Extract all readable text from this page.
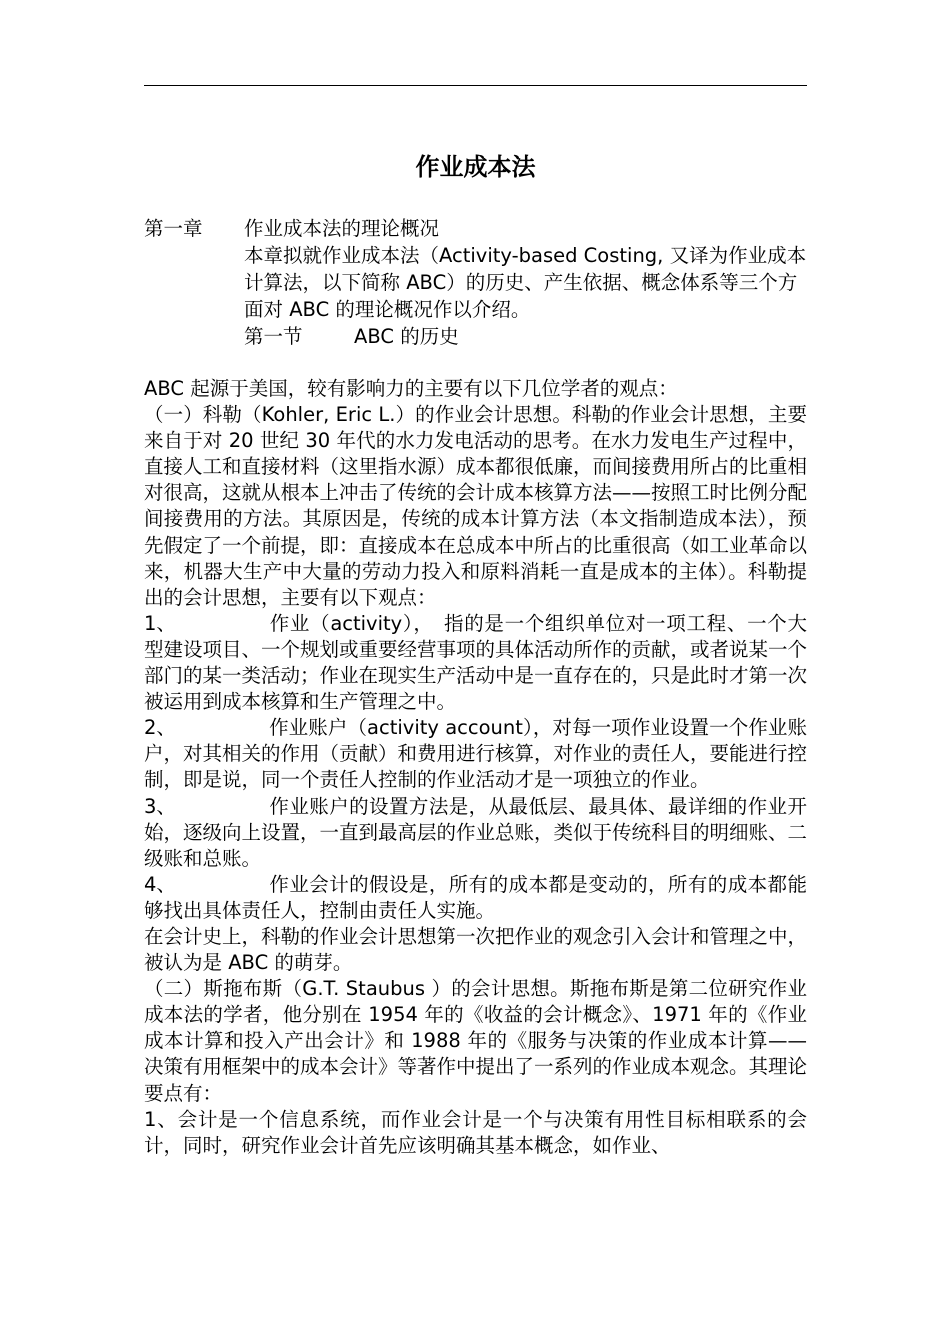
作业成本法
第一章 作业成本法的理论概况
本章拟就作业成本法（Activity-based Costing, 又译为作业成本计算法，以下简称 ABC）的历史、产生依据、概念体系等三个方面对 ABC 的理论概况作以介绍。
第一节	ABC 的历史

ABC 起源于美国，较有影响力的主要有以下几位学者的观点：

（一）科勒（Kohler, Eric L.）的作业会计思想。科勒的作业会计思想，主要来自于对 20 世纪 30 年代的水力发电活动的思考。在水力发电生产过程中，直接人工和直接材料（这里指水源）成本都很低廉，而间接费用所占的比重相对很高，这就从根本上冲击了传统的会计成本核算方法——按照工时比例分配间接费用的方法。其原因是，传统的成本计算方法（本文指制造成本法），预先假定了一个前提，即：直接成本在总成本中所占的比重很高（如工业革命以来，机器大生产中大量的劳动力投入和原料消耗一直是成本的主体）。科勒提出的会计思想，主要有以下观点：

1、	作业（activity），　指的是一个组织单位对一项工程、一个大型建设项目、一个规划或重要经营事项的具体活动所作的贡献，或者说某一个部门的某一类活动；作业在现实生产活动中是一直存在的，只是此时才第一次被运用到成本核算和生产管理之中。

2、	作业账户（activity account），对每一项作业设置一个作业账户，对其相关的作用（贡献）和费用进行核算，对作业的责任人，要能进行控制，即是说，同一个责任人控制的作业活动才是一项独立的作业。

3、	作业账户的设置方法是，从最低层、最具体、最详细的作业开始，逐级向上设置，一直到最高层的作业总账，类似于传统科目的明细账、二级账和总账。

4、	作业会计的假设是，所有的成本都是变动的，所有的成本都能够找出具体责任人，控制由责任人实施。

在会计史上，科勒的作业会计思想第一次把作业的观念引入会计和管理之中，被认为是 ABC 的萌芽。

（二）斯拖布斯（G.T. Staubus ）的会计思想。斯拖布斯是第二位研究作业成本法的学者，他分别在 1954 年的《收益的会计概念》、1971 年的《作业成本计算和投入产出会计》和 1988 年的《服务与决策的作业成本计算——决策有用框架中的成本会计》等著作中提出了一系列的作业成本观念。其理论要点有：

1、会计是一个信息系统，而作业会计是一个与决策有用性目标相联系的会计，同时，研究作业会计首先应该明确其基本概念，如作业、
